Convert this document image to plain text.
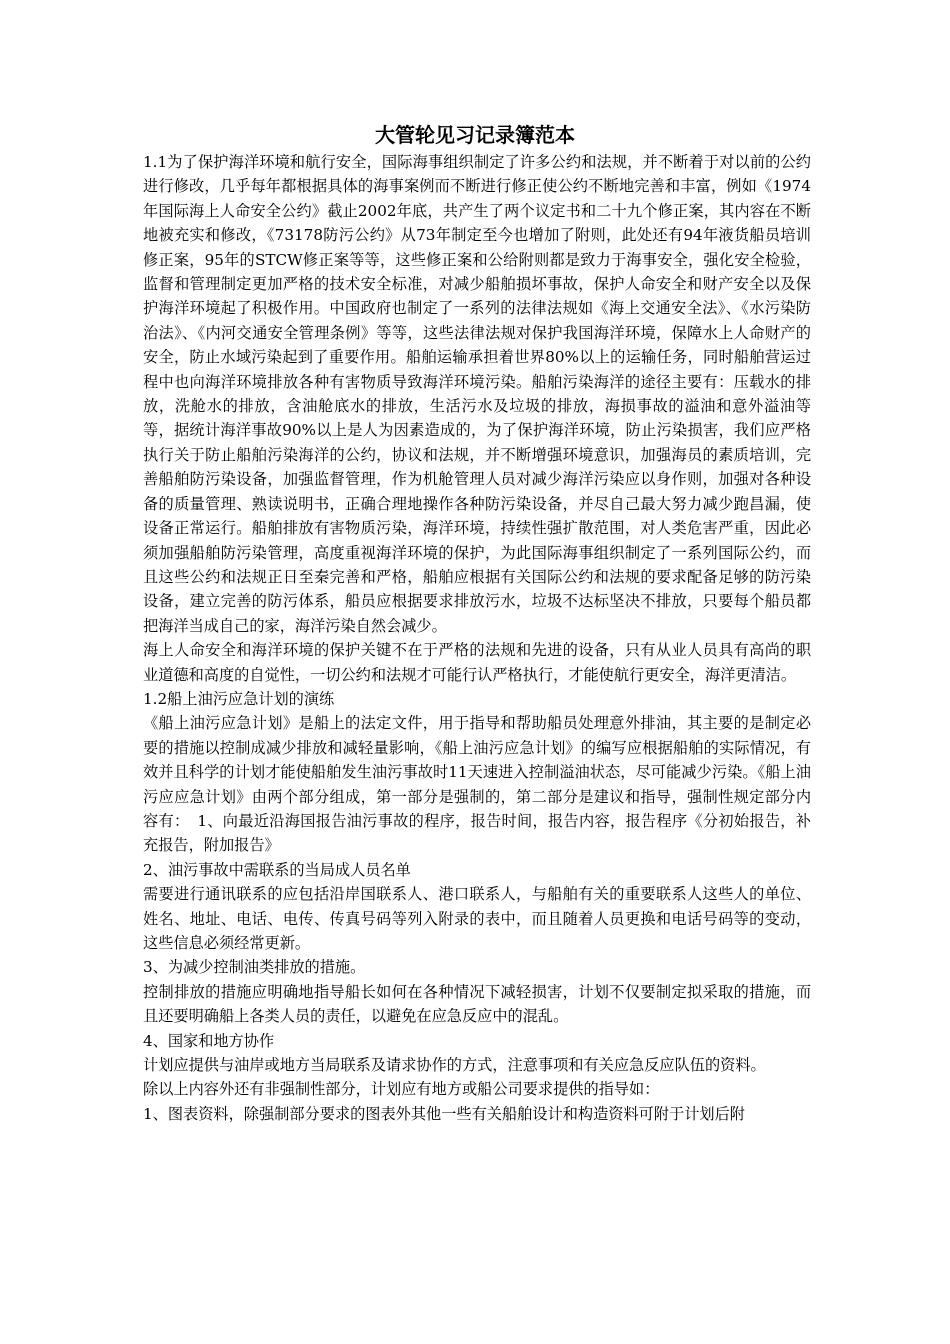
大管轮见习记录簿范本

1.1为了保护海洋环境和航行安全，国际海事组织制定了许多公约和法规，并不断着于对以前的公约进行修改，几乎每年都根据具体的海事案例而不断进行修正使公约不断地完善和丰富，例如《1974年国际海上人命安全公约》截止2002年底，共产生了两个议定书和二十九个修正案，其内容在不断地被充实和修改，《73178防污公约》从73年制定至今也增加了附则，此处还有94年液货船员培训修正案，95年的STCW修正案等等，这些修正案和公给附则都是致力于海事安全，强化安全检验，监督和管理制定更加严格的技术安全标准，对减少船舶损坏事故，保护人命安全和财产安全以及保护海洋环境起了积极作用。中国政府也制定了一系列的法律法规如《海上交通安全法》、《水污染防治法》、《内河交通安全管理条例》等等，这些法律法规对保护我国海洋环境，保障水上人命财产的安全，防止水域污染起到了重要作用。船舶运输承担着世界80%以上的运输任务，同时船舶营运过程中也向海洋环境排放各种有害物质导致海洋环境污染。船舶污染海洋的途径主要有：压载水的排放，洗舱水的排放，含油舱底水的排放，生活污水及垃圾的排放，海损事故的溢油和意外溢油等等，据统计海洋事故90%以上是人为因素造成的，为了保护海洋环境，防止污染损害，我们应严格执行关于防止船舶污染海洋的公约，协议和法规，并不断增强环境意识，加强海员的素质培训，完善船舶防污染设备，加强监督管理，作为机舱管理人员对减少海洋污染应以身作则，加强对各种设备的质量管理、熟读说明书，正确合理地操作各种防污染设备，并尽自己最大努力减少跑昌漏，使设备正常运行。船舶排放有害物质污染，海洋环境，持续性强扩散范围，对人类危害严重，因此必须加强船舶防污染管理，高度重视海洋环境的保护，为此国际海事组织制定了一系列国际公约，而且这些公约和法规正日至秦完善和严格，船舶应根据有关国际公约和法规的要求配备足够的防污染设备，建立完善的防污体系，船员应根据要求排放污水，垃圾不达标坚决不排放，只要每个船员都把海洋当成自己的家，海洋污染自然会减少。

海上人命安全和海洋环境的保护关键不在于严格的法规和先进的设备，只有从业人员具有高尚的职业道德和高度的自觉性，一切公约和法规才可能行认严格执行，才能使航行更安全，海洋更清洁。

1.2船上油污应急计划的演练

《船上油污应急计划》是船上的法定文件，用于指导和帮助船员处理意外排油，其主要的是制定必要的措施以控制成减少排放和减轻量影响，《船上油污应急计划》的编写应根据船舶的实际情况，有效并且科学的计划才能使船舶发生油污事故时11天速进入控制溢油状态，尽可能减少污染。《船上油污应应急计划》由两个部分组成，第一部分是强制的，第二部分是建议和指导，强制性规定部分内容有：　1、向最近沿海国报告油污事故的程序，报告时间，报告内容，报告程序《分初始报告，补充报告，附加报告》

2、油污事故中需联系的当局成人员名单

需要进行通讯联系的应包括沿岸国联系人、港口联系人，与船舶有关的重要联系人这些人的单位、姓名、地址、电话、电传、传真号码等列入附录的表中，而且随着人员更换和电话号码等的变动，这些信息必须经常更新。

3、为减少控制油类排放的措施。

控制排放的措施应明确地指导船长如何在各种情况下减轻损害，计划不仅要制定拟采取的措施，而且还要明确船上各类人员的责任，以避免在应急反应中的混乱。

4、国家和地方协作

计划应提供与油岸或地方当局联系及请求协作的方式，注意事项和有关应急反应队伍的资料。

除以上内容外还有非强制性部分，计划应有地方或船公司要求提供的指导如：

1、图表资料，除强制部分要求的图表外其他一些有关船舶设计和构造资料可附于计划后附
